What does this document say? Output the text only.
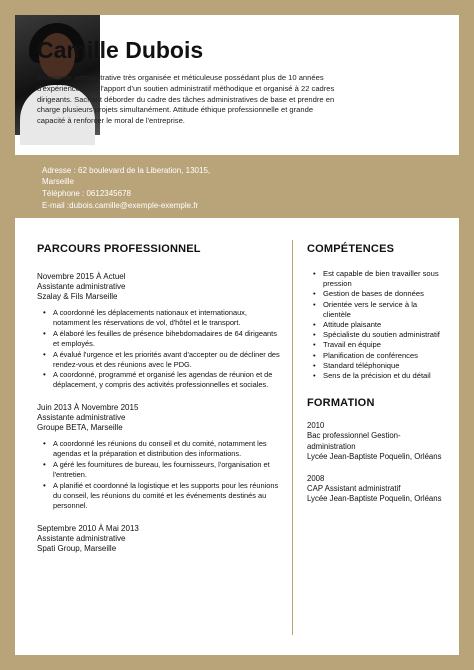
Camille Dubois
Assistante administrative très organisée et méticuleuse possédant plus de 10 années d'expérience dans l'apport d'un soutien administratif méthodique et organisé à 22 cadres dirigeants. Sachant déborder du cadre des tâches administratives de base et prendre en charge plusieurs projets simultanément. Attitude éthique professionnelle et grande capacité à renforcer le moral de l'entreprise.
Adresse : 62 boulevard de la Liberation, 13015,
Marseille
Téléphone : 0612345678
E-mail :dubois.camille@exemple-exemple.fr
PARCOURS PROFESSIONNEL
Novembre 2015 À Actuel
Assistante administrative
Szalay & Fils Marseille
• A coordonné les déplacements nationaux et internationaux, notamment les réservations de vol, d'hôtel et le transport.
• A élaboré les feuilles de présence bihebdomadaires de 64 dirigeants et employés.
• A évalué l'urgence et les priorités avant d'accepter ou de décliner des rendez-vous et des réunions avec le PDG.
• A coordonné, programmé et organisé les agendas de réunion et de déplacement, y compris des activités professionnelles et sociales.
Juin 2013 À Novembre 2015
Assistante administrative
Groupe BETA, Marseille
• A coordonné les réunions du conseil et du comité, notamment les agendas et la préparation et distribution des informations.
• A géré les fournitures de bureau, les fournisseurs, l'organisation et l'entretien.
• A planifié et coordonné la logistique et les supports pour les réunions du conseil, les réunions du comité et les événements destinés au personnel.
Septembre 2010 À Mai 2013
Assistante administrative
Spati Group, Marseille
COMPÉTENCES
• Est capable de bien travailler sous pression
• Gestion de bases de données
• Orientée vers le service à la clientèle
• Attitude plaisante
• Spécialiste du soutien administratif
• Travail en équipe
• Planification de conférences
• Standard téléphonique
• Sens de la précision et du détail
FORMATION
2010
Bac professionnel Gestion-administration
Lycée Jean-Baptiste Poquelin, Orléans
2008
CAP Assistant administratif
Lycée Jean-Baptiste Poquelin, Orléans
